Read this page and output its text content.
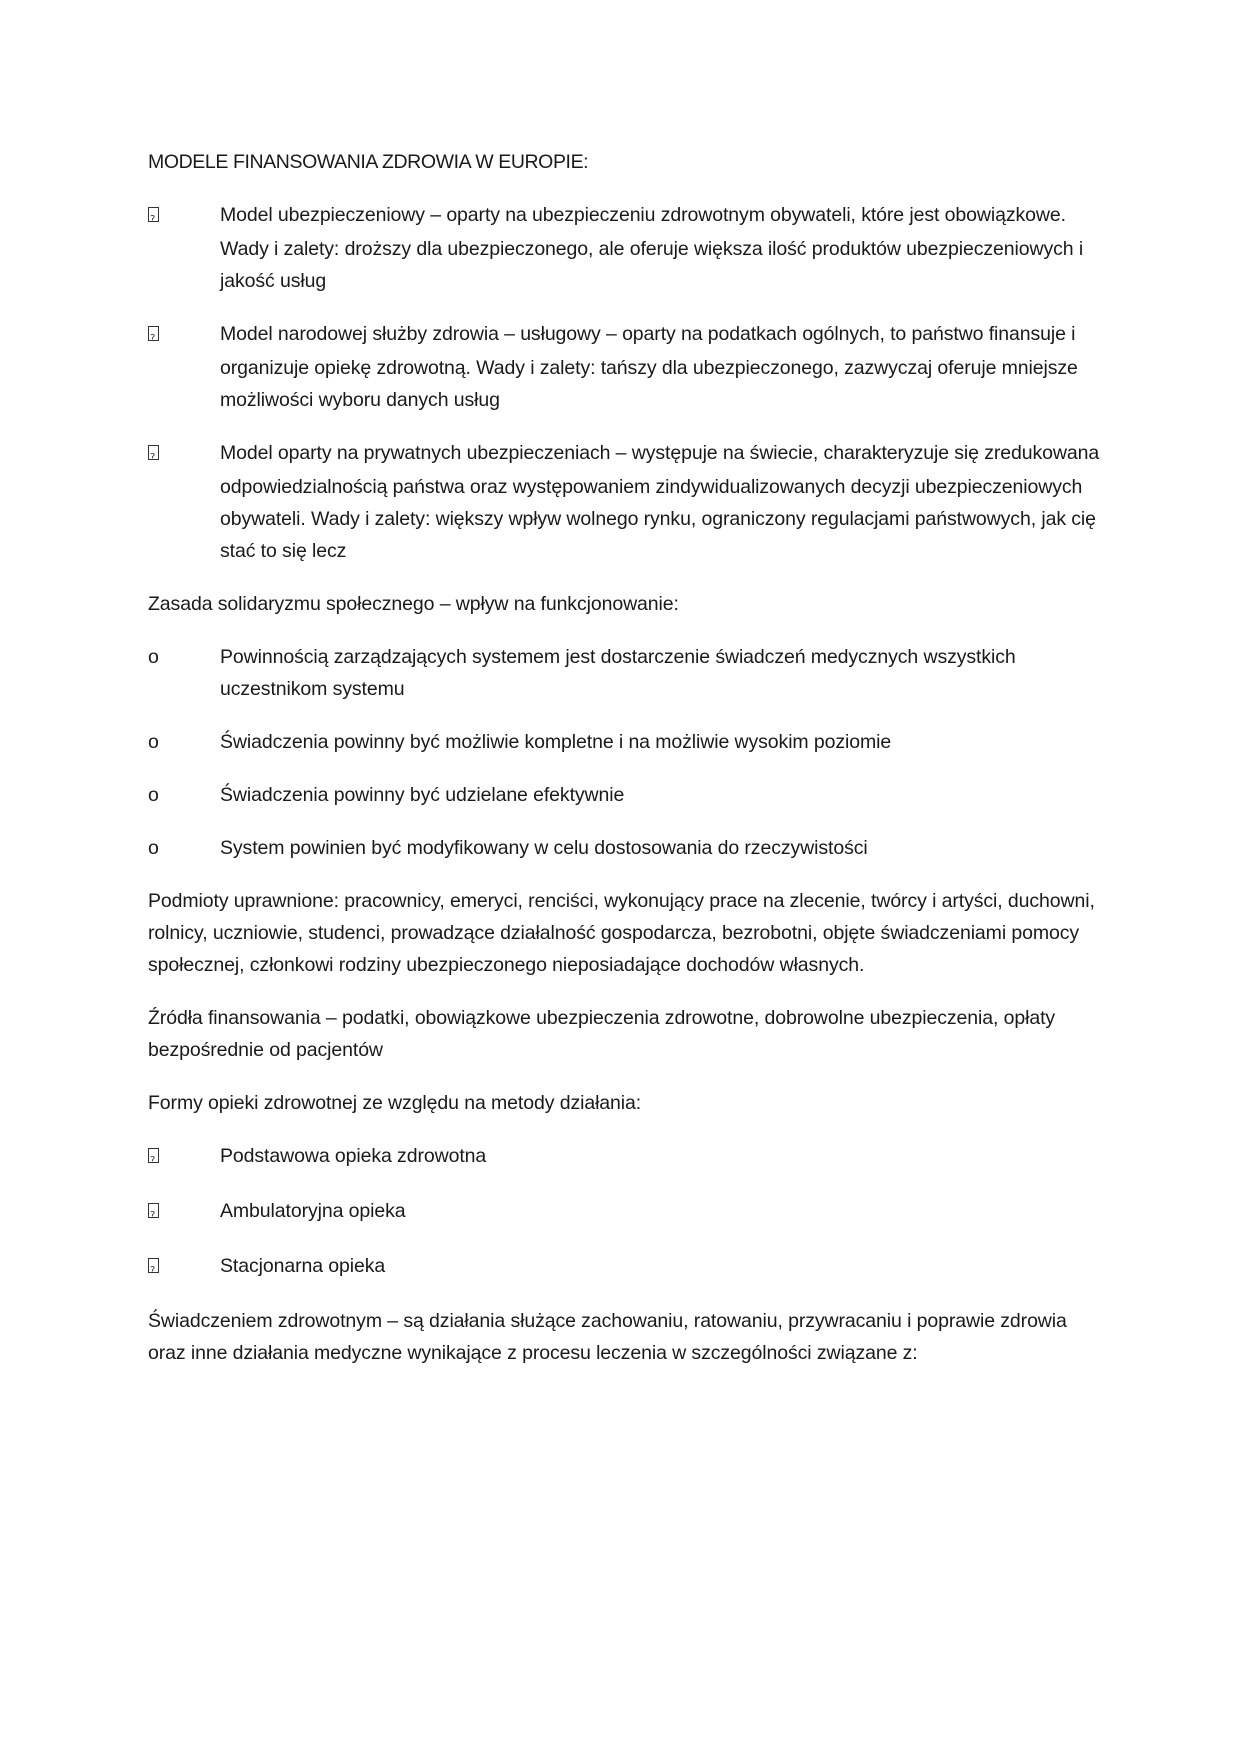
MODELE FINANSOWANIA ZDROWIA W EUROPIE:

?Model ubezpieczeniowy – oparty na ubezpieczeniu zdrowotnym obywateli, które jest obowiązkowe. Wady i zalety: droższy dla ubezpieczonego, ale oferuje większa ilość produktów ubezpieczeniowych i jakość usług

?Model narodowej służby zdrowia – usługowy – oparty na podatkach ogólnych, to państwo finansuje i organizuje opiekę zdrowotną. Wady i zalety: tańszy dla ubezpieczonego, zazwyczaj oferuje mniejsze możliwości wyboru danych usług

?Model oparty na prywatnych ubezpieczeniach – występuje na świecie, charakteryzuje się zredukowana odpowiedzialnością państwa oraz występowaniem zindywidualizowanych decyzji ubezpieczeniowych obywateli. Wady i zalety: większy wpływ wolnego rynku, ograniczony regulacjami państwowych, jak cię stać to się lecz

Zasada solidaryzmu społecznego – wpływ na funkcjonowanie:

o	Powinnością zarządzających systemem jest dostarczenie świadczeń medycznych wszystkich uczestnikom systemu

o	Świadczenia powinny być możliwie kompletne i na możliwie wysokim poziomie

o	Świadczenia powinny być udzielane efektywnie

o	System powinien być modyfikowany w celu dostosowania do rzeczywistości

Podmioty uprawnione: pracownicy, emeryci, renciści, wykonujący prace na zlecenie, twórcy i artyści, duchowni, rolnicy, uczniowie, studenci, prowadzące działalność gospodarcza, bezrobotni, objęte świadczeniami pomocy społecznej, członkowi rodziny ubezpieczonego nieposiadające dochodów własnych.

Źródła finansowania – podatki, obowiązkowe ubezpieczenia zdrowotne, dobrowolne ubezpieczenia, opłaty bezpośrednie od pacjentów

Formy opieki zdrowotnej ze względu na metody działania:

?Podstawowa opieka zdrowotna

?Ambulatoryjna opieka

?Stacjonarna opieka

Świadczeniem zdrowotnym – są działania służące zachowaniu, ratowaniu, przywracaniu i poprawie zdrowia oraz inne działania medyczne wynikające z procesu leczenia w szczególności związane z:
